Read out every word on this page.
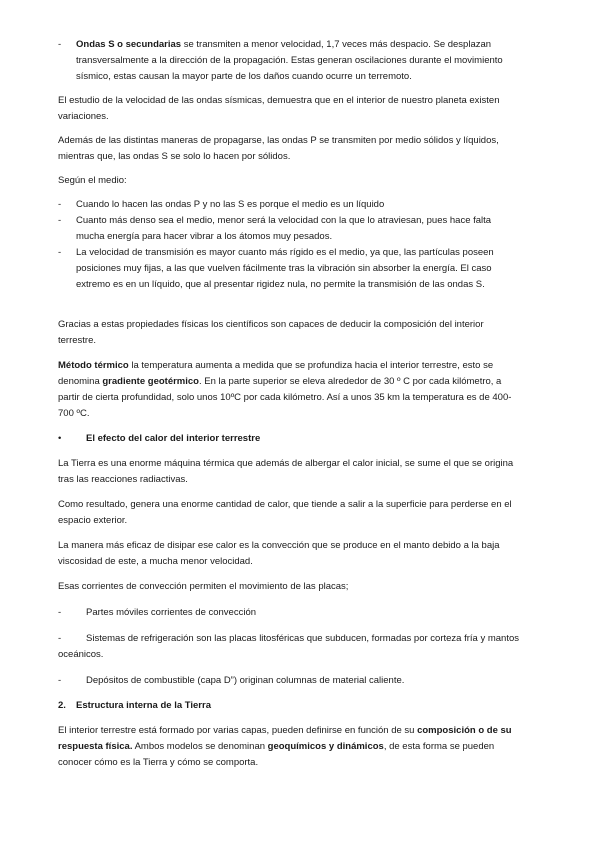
-	Ondas S o secundarias se transmiten a menor velocidad, 1,7 veces más despacio. Se desplazan transversalmente a la dirección de la propagación. Estas generan oscilaciones durante el movimiento sísmico, estas causan la mayor parte de los daños cuando ocurre un terremoto.

El estudio de la velocidad de las ondas sísmicas, demuestra que en el interior de nuestro planeta existen variaciones.

Además de las distintas maneras de propagarse, las ondas P se transmiten por medio sólidos y líquidos, mientras que, las ondas S se solo lo hacen por sólidos.

Según el medio:

-	Cuando lo hacen las ondas P y no las S es porque el medio es un líquido
-	Cuanto más denso sea el medio, menor será la velocidad con la que lo atraviesan, pues hace falta mucha energía para hacer vibrar a los átomos muy pesados.
-	La velocidad de transmisión es mayor cuanto más rígido es el medio, ya que, las partículas poseen posiciones muy fijas, a las que vuelven fácilmente tras la vibración sin absorber la energía. El caso extremo es en un líquido, que al presentar rigidez nula, no permite la transmisión de las ondas S.

Gracias a estas propiedades físicas los científicos son capaces de deducir la composición del interior terrestre.

Método térmico la temperatura aumenta a medida que se profundiza hacia el interior terrestre, esto se denomina gradiente geotérmico. En la parte superior se eleva alrededor de 30 º C por cada kilómetro, a partir de cierta profundidad, solo unos 10ºC por cada kilómetro. Así a unos 35 km la temperatura es de 400-700 ºC.

•	El efecto del calor del interior terrestre

La Tierra es una enorme máquina térmica que además de albergar el calor inicial, se sume el que se origina tras las reacciones radiactivas.

Como resultado, genera una enorme cantidad de calor, que tiende a salir a la superficie para perderse en el espacio exterior.

La manera más eficaz de disipar ese calor es la convección que se produce en el manto debido a la baja viscosidad de este, a mucha menor velocidad.

Esas corrientes de convección permiten el movimiento de las placas;

-	Partes móviles corrientes de convección
-	Sistemas de refrigeración son las placas litosféricas que subducen, formadas por corteza fría y mantos oceánicos.
-	Depósitos de combustible (capa D”) originan columnas de material caliente.
2. Estructura interna de la Tierra

El interior terrestre está formado por varias capas, pueden definirse en función de su composición o de su respuesta física. Ambos modelos se denominan geoquímicos y dinámicos, de esta forma se pueden conocer cómo es la Tierra y cómo se comporta.
